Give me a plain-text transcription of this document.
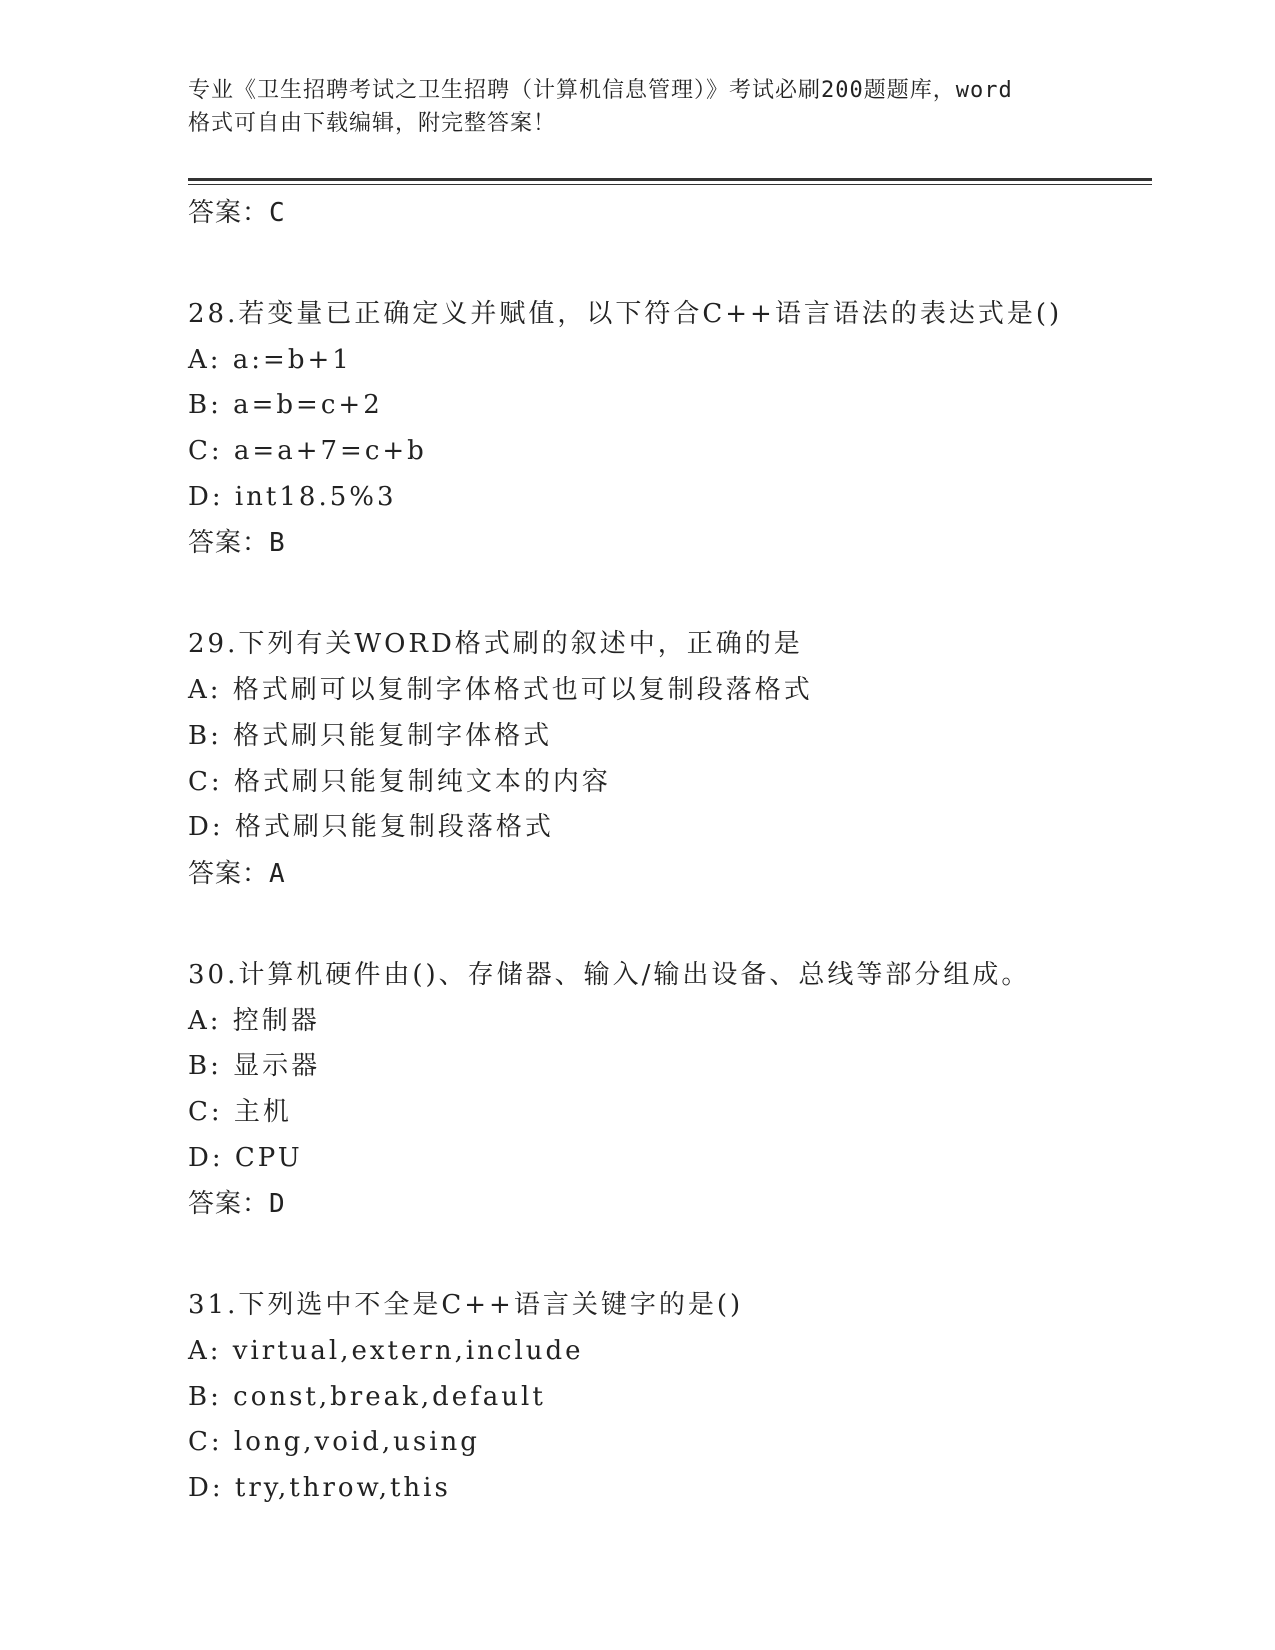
专业《卫生招聘考试之卫生招聘（计算机信息管理）》考试必刷200题题库，word
格式可自由下载编辑，附完整答案！
答案：C
28.若变量已正确定义并赋值，以下符合C++语言语法的表达式是()
A: a:=b+1
B: a=b=c+2
C: a=a+7=c+b
D: int18.5%3
答案：B
29.下列有关WORD格式刷的叙述中，正确的是
A: 格式刷可以复制字体格式也可以复制段落格式
B: 格式刷只能复制字体格式
C: 格式刷只能复制纯文本的内容
D: 格式刷只能复制段落格式
答案：A
30.计算机硬件由()、存储器、输入/输出设备、总线等部分组成。
A: 控制器
B: 显示器
C: 主机
D: CPU
答案：D
31.下列选中不全是C++语言关键字的是()
A: virtual,extern,include
B: const,break,default
C: long,void,using
D: try,throw,this
